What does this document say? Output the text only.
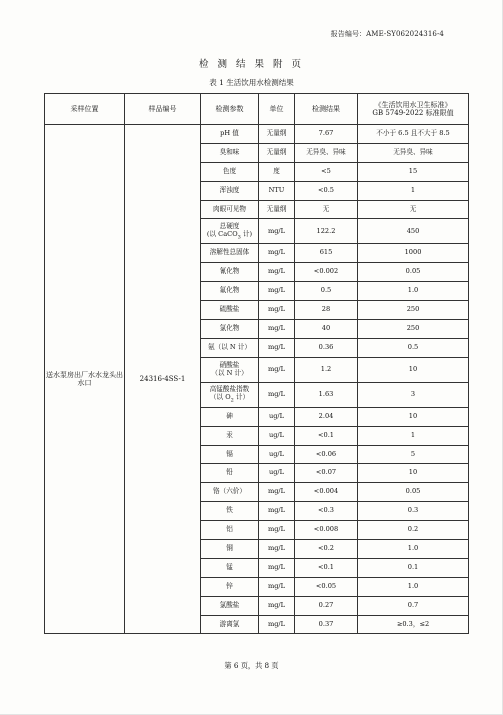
报告编号：AME-SY062024316-4
检 测 结 果 附 页
表 1 生活饮用水检测结果
采样位置	样品编号	检测参数	单位	检测结果	《生活饮用水卫生标准》
GB 5749-2022 标准限值

送水泵房出厂水水龙头出水口	24316-4SS-1	pH 值	无量纲	7.67	不小于 6.5 且不大于 8.5

		臭和味	无量纲	无异臭、异味	无异臭、异味

		色度	度	<5	15

		浑浊度	NTU	<0.5	1

		肉眼可见物	无量纲	无	无

		总硬度
(以 CaCO$_3$ 计)	mg/L	122.2	450

		溶解性总固体	mg/L	615	1000

		氰化物	mg/L	<0.002	0.05

		氟化物	mg/L	0.5	1.0

		硫酸盐	mg/L	28	250

		氯化物	mg/L	40	250

		氨（以 N 计）	mg/L	0.36	0.5

		硝酸盐
（以 N 计）	mg/L	1.2	10

		高锰酸盐指数
（以 $O_2$ 计）	mg/L	1.63	3

		砷	ug/L	2.04	10

		汞	ug/L	<0.1	1

		镉	ug/L	<0.06	5

		铅	ug/L	<0.07	10

		铬（六价）	mg/L	<0.004	0.05

		铁	mg/L	<0.3	0.3

		铝	mg/L	<0.008	0.2

		铜	mg/L	<0.2	1.0

		锰	mg/L	<0.1	0.1

		锌	mg/L	<0.05	1.0

		氯酸盐	mg/L	0.27	0.7

		游离氯	mg/L	0.37	≥0.3，≤2
第 6 页，共 8 页
